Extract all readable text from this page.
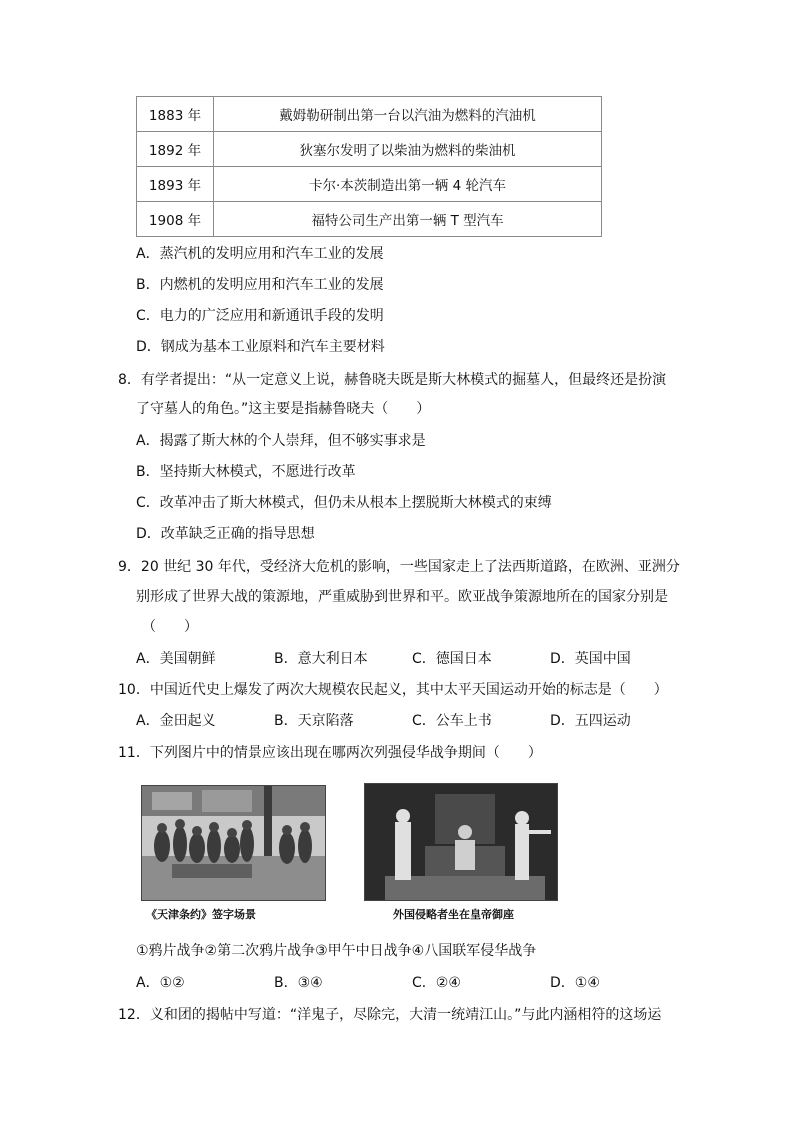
1883 年	戴姆勒研制出第一台以汽油为燃料的汽油机
1892 年	狄塞尔发明了以柴油为燃料的柴油机
1893 年	卡尔·本茨制造出第一辆 4 轮汽车
1908 年	福特公司生产出第一辆 T 型汽车
A．蒸汽机的发明应用和汽车工业的发展
B．内燃机的发明应用和汽车工业的发展
C．电力的广泛应用和新通讯手段的发明
D．钢成为基本工业原料和汽车主要材料
8．有学者提出：“从一定意义上说，赫鲁晓夫既是斯大林模式的掘墓人，但最终还是扮演
了守墓人的角色。”这主要是指赫鲁晓夫（　　）
A．揭露了斯大林的个人崇拜，但不够实事求是
B．坚持斯大林模式，不愿进行改革
C．改革冲击了斯大林模式，但仍未从根本上摆脱斯大林模式的束缚
D．改革缺乏正确的指导思想
9．20 世纪 30 年代，受经济大危机的影响，一些国家走上了法西斯道路，在欧洲、亚洲分
别形成了世界大战的策源地，严重威胁到世界和平。欧亚战争策源地所在的国家分别是
（　　）
A．美国朝鲜	B．意大利日本	C．德国日本	D．英国中国
10．中国近代史上爆发了两次大规模农民起义，其中太平天国运动开始的标志是（　　）
A．金田起义	B．天京陷落	C．公车上书	D．五四运动
11．下列图片中的情景应该出现在哪两次列强侵华战争期间（　　）
《天津条约》签字场景	外国侵略者坐在皇帝御座
①鸦片战争②第二次鸦片战争③甲午中日战争④八国联军侵华战争
A．①②	B．③④	C．②④	D．①④
12．义和团的揭帖中写道：“洋鬼子，尽除完，大清一统靖江山。”与此内涵相符的这场运
